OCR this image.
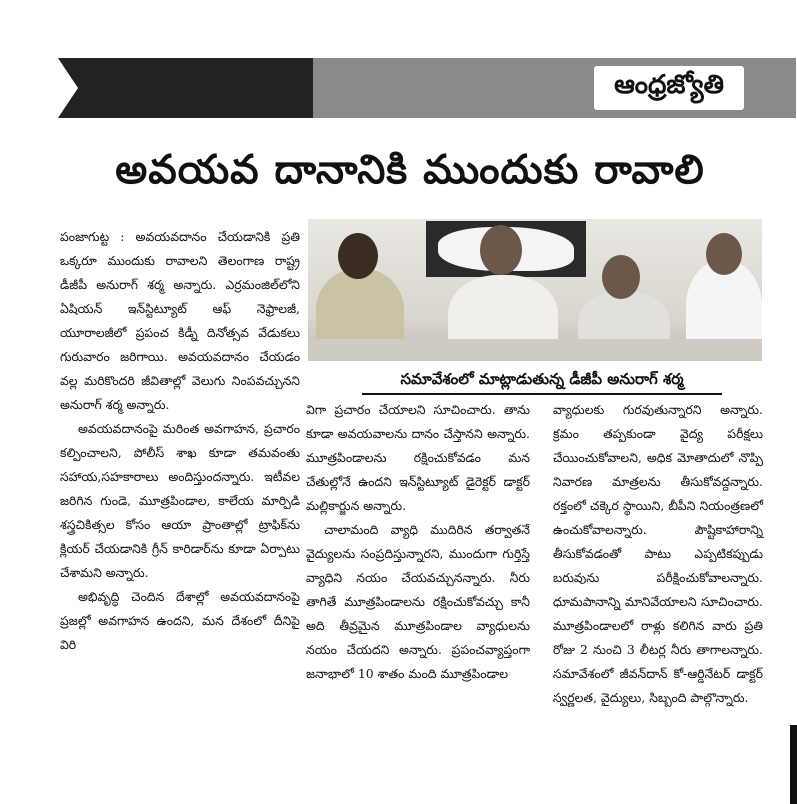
ఆంధ్రజ్యోతి
అవయవ దానానికి ముందుకు రావాలి

పంజాగుట్ట : అవయవదానం చేయడానికి ప్రతి ఒక్కరూ ముందుకు రావాలని తెలంగాణ రాష్ట్ర డీజీపీ అనురాగ్ శర్మ అన్నారు. ఎర్రమంజిల్‌లోని ఏషియన్ ఇన్‌స్టిట్యూట్ ఆఫ్ నెఫ్రాలజీ, యూరాలజీలో ప్రపంచ కిడ్నీ దినోత్సవ వేడుకలు గురువారం జరిగాయి. అవయవదానం చేయడం వల్ల మరికొందరి జీవితాల్లో వెలుగు నింపవచ్చునని అనురాగ్ శర్మ అన్నారు.

అవయవదానంపై మరింత అవగాహన, ప్రచారం కల్పించాలని, పోలీస్ శాఖ కూడా తమవంతు సహాయ,సహకారాలు అందిస్తుందన్నారు. ఇటీవల జరిగిన గుండె, మూత్రపిండాల, కాలేయ మార్పిడి శస్త్రచికిత్సల కోసం ఆయా ప్రాంతాల్లో ట్రాఫిక్‌ను క్లియర్ చేయడానికి గ్రీన్ కారిడార్‌ను కూడా ఏర్పాటు చేశామని అన్నారు.

అభివృద్ధి చెందిన దేశాల్లో అవయవదానంపై ప్రజల్లో అవగాహన ఉందని, మన దేశంలో దీనిపై విరి

సమావేశంలో మాట్లాడుతున్న డీజీపీ అనురాగ్ శర్మ

విగా ప్రచారం చేయాలని సూచించారు. తాను కూడా అవయవాలను దానం చేస్తానని అన్నారు. మూత్రపిండాలను రక్షించుకోవడం మన చేతుల్లోనే ఉందని ఇన్‌స్టిట్యూట్ డైరెక్టర్ డాక్టర్ మల్లికార్జున అన్నారు.

చాలామంది వ్యాధి ముదిరిన తర్వాతనే వైద్యులను సంప్రదిస్తున్నారని, ముందుగా గుర్తిస్తే వ్యాధిని నయం చేయవచ్చునన్నారు. నీరు తాగితే మూత్రపిండాలను రక్షించుకోవచ్చు కానీ అది తీవ్రమైన మూత్రపిండాల వ్యాధులను నయం చేయదని అన్నారు. ప్రపంచవ్యాప్తంగా జనాభాలో 10 శాతం మంది మూత్రపిండాల

వ్యాధులకు గురవుతున్నారని అన్నారు. క్రమం తప్పకుండా వైద్య పరీక్షలు చేయించుకోవాలని, అధిక మోతాదులో నొప్పి నివారణ మాత్రలను తీసుకోవద్దన్నారు. రక్తంలో చక్కెర స్థాయిని, బీపీని నియంత్రణలో ఉంచుకోవాలన్నారు. పౌష్టికాహారాన్ని తీసుకోవడంతో పాటు ఎప్పటికప్పుడు బరువును పరీక్షించుకోవాలన్నారు. ధూమపానాన్ని మానివేయాలని సూచించారు. మూత్రపిండాలలో రాళ్లు కలిగిన వారు ప్రతి రోజు 2 నుంచి 3 లీటర్ల నీరు తాగాలన్నారు. సమావేశంలో జీవన్‌దాన్ కో-ఆర్డినేటర్ డాక్టర్ స్వర్ణలత, వైద్యులు, సిబ్బంది పాల్గొన్నారు.
